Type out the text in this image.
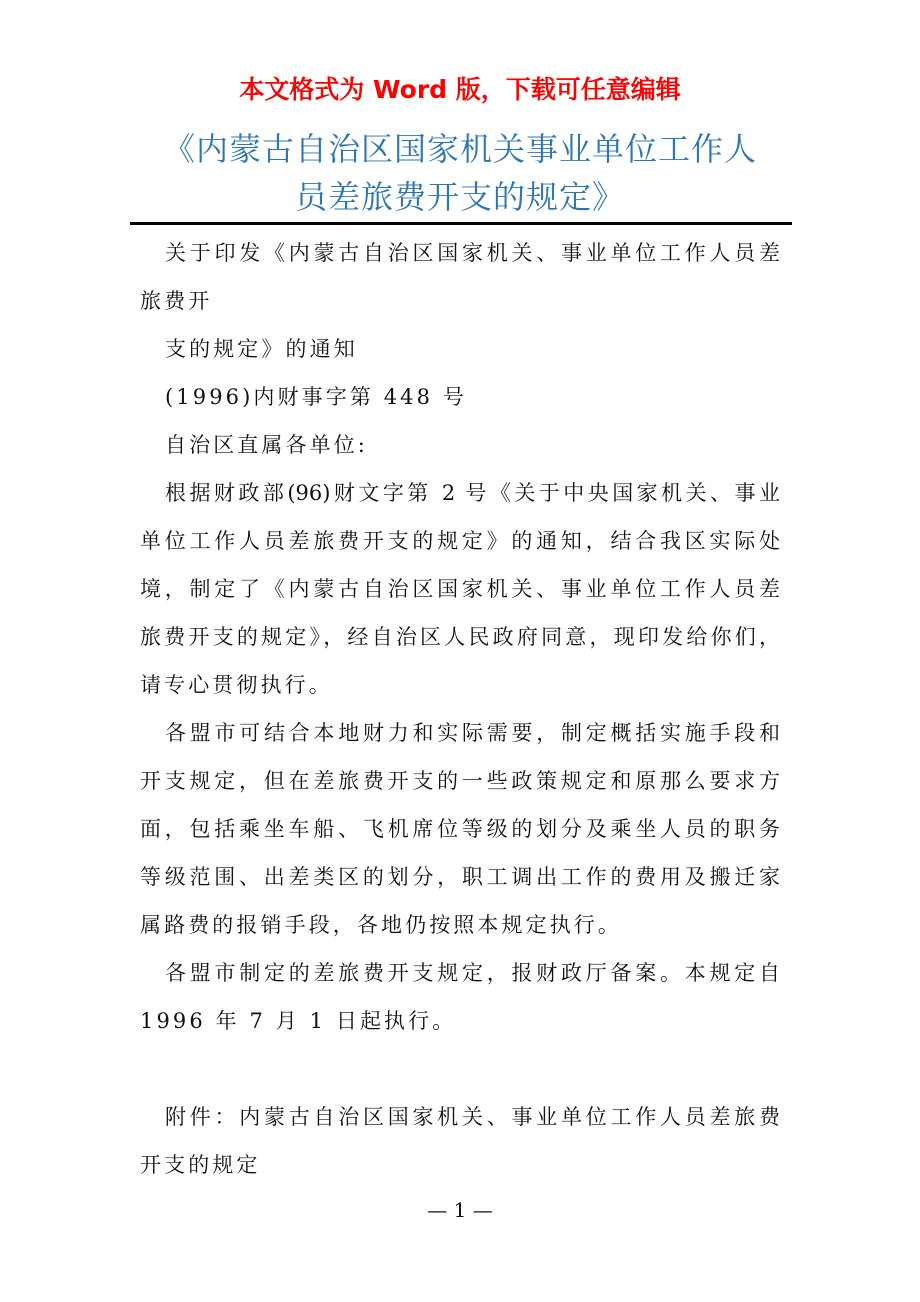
本文格式为 Word 版，下载可任意编辑
《内蒙古自治区国家机关事业单位工作人
员差旅费开支的规定》
关于印发《内蒙古自治区国家机关、事业单位工作人员差
旅费开
支的规定》的通知
(1996)内财事字第 448 号
自治区直属各单位:
根据财政部(96)财文字第 2 号《关于中央国家机关、事业
单位工作人员差旅费开支的规定》的通知，结合我区实际处
境，制定了《内蒙古自治区国家机关、事业单位工作人员差
旅费开支的规定》，经自治区人民政府同意，现印发给你们，
请专心贯彻执行。
各盟市可结合本地财力和实际需要，制定概括实施手段和
开支规定，但在差旅费开支的一些政策规定和原那么要求方
面，包括乘坐车船、飞机席位等级的划分及乘坐人员的职务
等级范围、出差类区的划分，职工调出工作的费用及搬迁家
属路费的报销手段，各地仍按照本规定执行。
各盟市制定的差旅费开支规定，报财政厅备案。本规定自
1996 年 7 月 1 日起执行。
附件：内蒙古自治区国家机关、事业单位工作人员差旅费
开支的规定
— 1 —
